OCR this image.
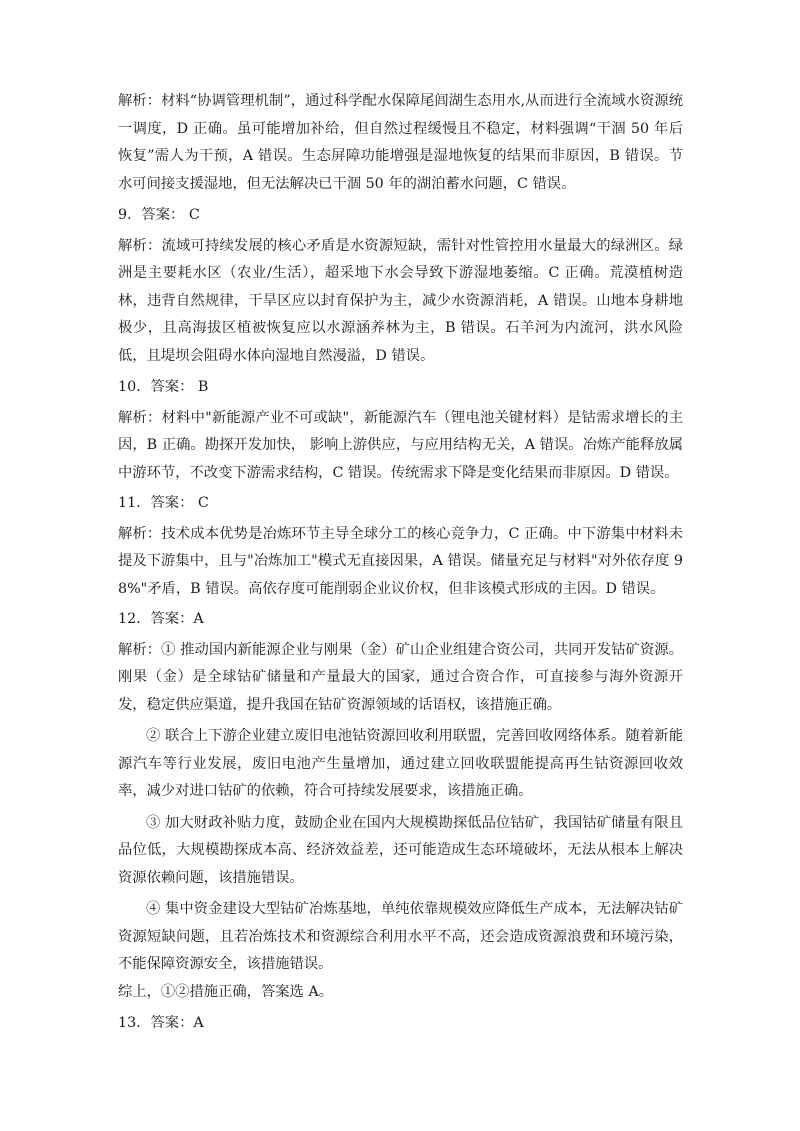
解析：材料“协调管理机制”，通过科学配水保障尾闾湖生态用水,从而进行全流域水资源统一调度，D 正确。虽可能增加补给，但自然过程缓慢且不稳定，材料强调“干涸 50 年后恢复”需人为干预，A 错误。生态屏障功能增强是湿地恢复的结果而非原因，B 错误。节水可间接支援湿地，但无法解决已干涸 50 年的湖泊蓄水问题，C 错误。

9．答案： C

解析：流域可持续发展的核心矛盾是水资源短缺，需针对性管控用水量最大的绿洲区。绿洲是主要耗水区（农业/生活），超采地下水会导致下游湿地萎缩。C 正确。荒漠植树造林，违背自然规律，干旱区应以封育保护为主，减少水资源消耗，A 错误。山地本身耕地极少，且高海拔区植被恢复应以水源涵养林为主，B 错误。石羊河为内流河，洪水风险低，且堤坝会阻碍水体向湿地自然漫溢，D 错误。

10．答案： B

解析：材料中"新能源产业不可或缺"，新能源汽车（锂电池关键材料）是钴需求增长的主因，B 正确。勘探开发加快， 影响上游供应，与应用结构无关，A 错误。冶炼产能释放属中游环节，不改变下游需求结构，C 错误。传统需求下降是变化结果而非原因。D 错误。

11．答案： C

解析：技术成本优势是冶炼环节主导全球分工的核心竞争力，C 正确。中下游集中材料未提及下游集中，且与"冶炼加工"模式无直接因果，A 错误。储量充足与材料"对外依存度 98%"矛盾，B 错误。高依存度可能削弱企业议价权，但非该模式形成的主因。D 错误。

12．答案：A

解析：① 推动国内新能源企业与刚果（金）矿山企业组建合资公司，共同开发钴矿资源。刚果（金）是全球钴矿储量和产量最大的国家，通过合资合作，可直接参与海外资源开发，稳定供应渠道，提升我国在钴矿资源领域的话语权，该措施正确。

② 联合上下游企业建立废旧电池钴资源回收利用联盟，完善回收网络体系。随着新能源汽车等行业发展，废旧电池产生量增加，通过建立回收联盟能提高再生钴资源回收效率，减少对进口钴矿的依赖，符合可持续发展要求，该措施正确。

③ 加大财政补贴力度，鼓励企业在国内大规模勘探低品位钴矿，我国钴矿储量有限且品位低，大规模勘探成本高、经济效益差，还可能造成生态环境破坏，无法从根本上解决资源依赖问题，该措施错误。

④ 集中资金建设大型钴矿冶炼基地，单纯依靠规模效应降低生产成本，无法解决钴矿资源短缺问题，且若冶炼技术和资源综合利用水平不高，还会造成资源浪费和环境污染，不能保障资源安全，该措施错误。

综上，①②措施正确，答案选 A。

13．答案：A
